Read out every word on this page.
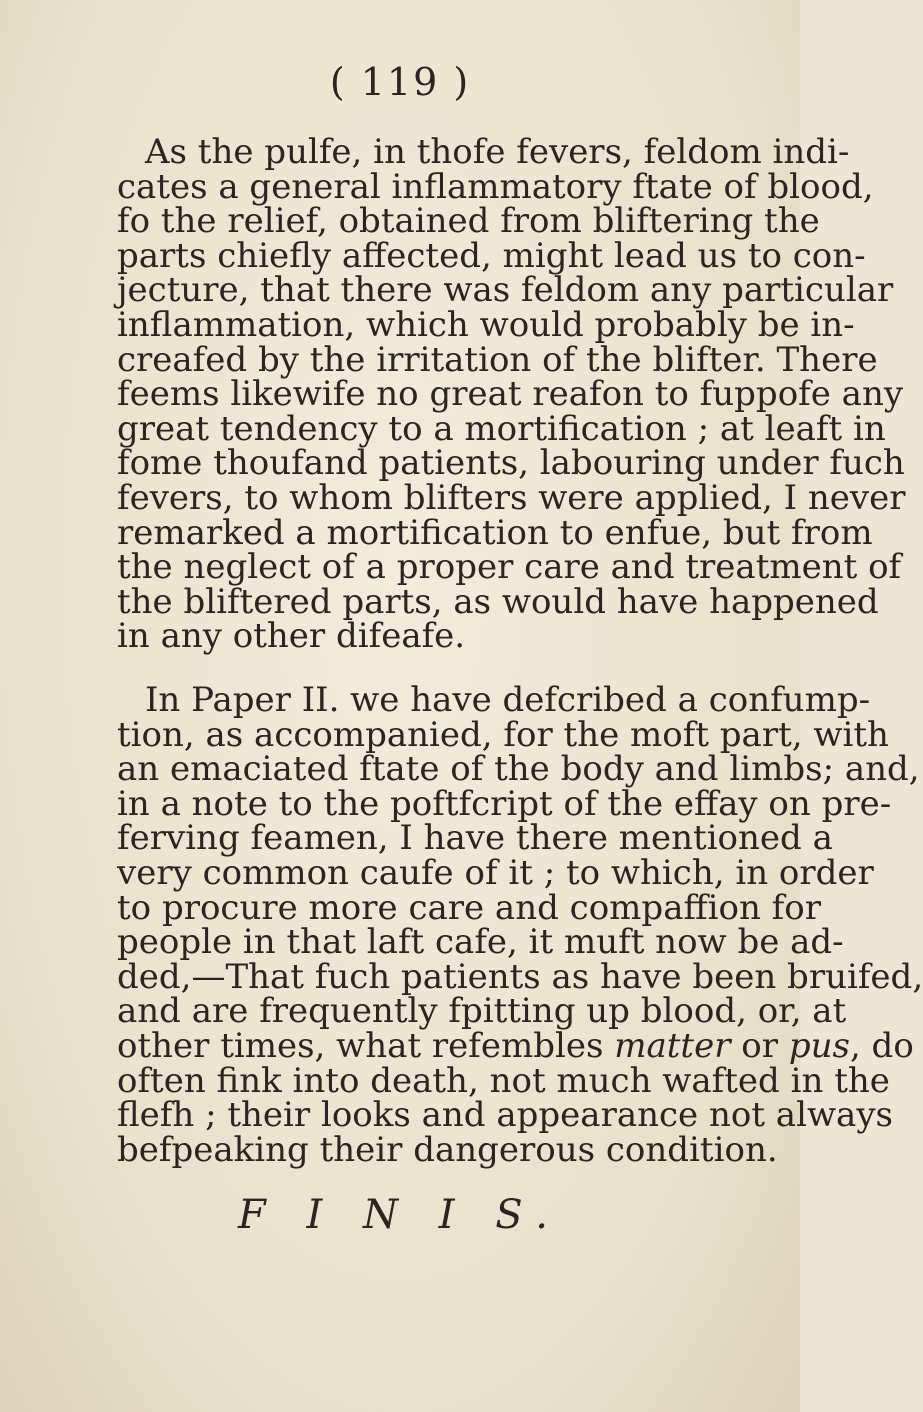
( 119 )
As the pulfe, in thofe fevers, feldom indi-
cates a general inflammatory ftate of blood,
fo the relief, obtained from bliftering the
parts chiefly affected, might lead us to con-
jecture, that there was feldom any particular
inflammation, which would probably be in-
creafed by the irritation of the blifter. There
feems likewife no great reafon to fuppofe any
great tendency to a mortification ; at leaft in
fome thoufand patients, labouring under fuch
fevers, to whom blifters were applied, I never
remarked a mortification to enfue, but from
the neglect of a proper care and treatment of
the bliftered parts, as would have happened
in any other difeafe.
In Paper II. we have defcribed a confump-
tion, as accompanied, for the moft part, with
an emaciated ftate of the body and limbs; and,
in a note to the poftfcript of the effay on pre-
ferving feamen, I have there mentioned a
very common caufe of it ; to which, in order
to procure more care and compaffion for
people in that laft cafe, it muft now be ad-
ded,—That fuch patients as have been bruifed,
and are frequently fpitting up blood, or, at
other times, what refembles matter or pus, do
often fink into death, not much wafted in the
flefh ; their looks and appearance not always
befpeaking their dangerous condition.
F I N I S.
